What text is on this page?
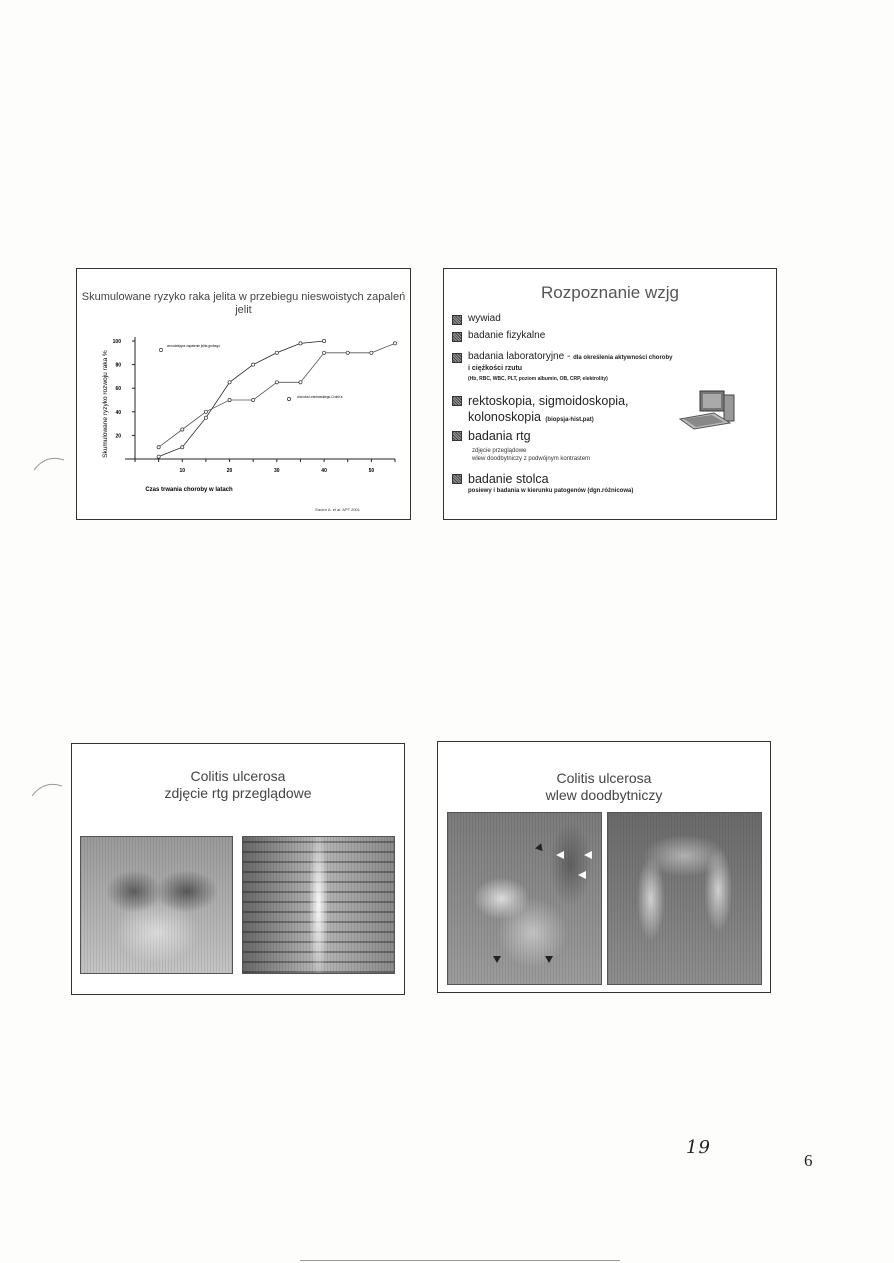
Skumulowane ryzyko raka jelita w przebiegu nieswoistych zapaleń jelit
20
40
60
80
100
10	20	30	40	50
Czas trwania choroby w latach
Skumulowane ryzyko rozwoju raka %
wrzodziejące zapalenie jelita grubego
choroba Leśniowskiego-Crohn'a
Eaden A. et al. APT 2001
Rozpoznanie wzjg
wywiad
badanie fizykalne
badania laboratoryjne - dla określenia aktywności choroby
i ciężkości rzutu
(Hb, RBC, WBC, PLT, poziom albumin, OB, CRP, elektrolity)
rektoskopia, sigmoidoskopia,
kolonoskopia (biopsja-hist.pat)
badania rtg
zdjęcie przeglądowe
wlew doodbytniczy z podwójnym kontrastem
badanie stolca
posiewy i badania w kierunku patogenów (dgn.różnicowa)
Colitis ulcerosa
zdjęcie rtg przeglądowe
Colitis ulcerosa
wlew doodbytniczy
19
6
